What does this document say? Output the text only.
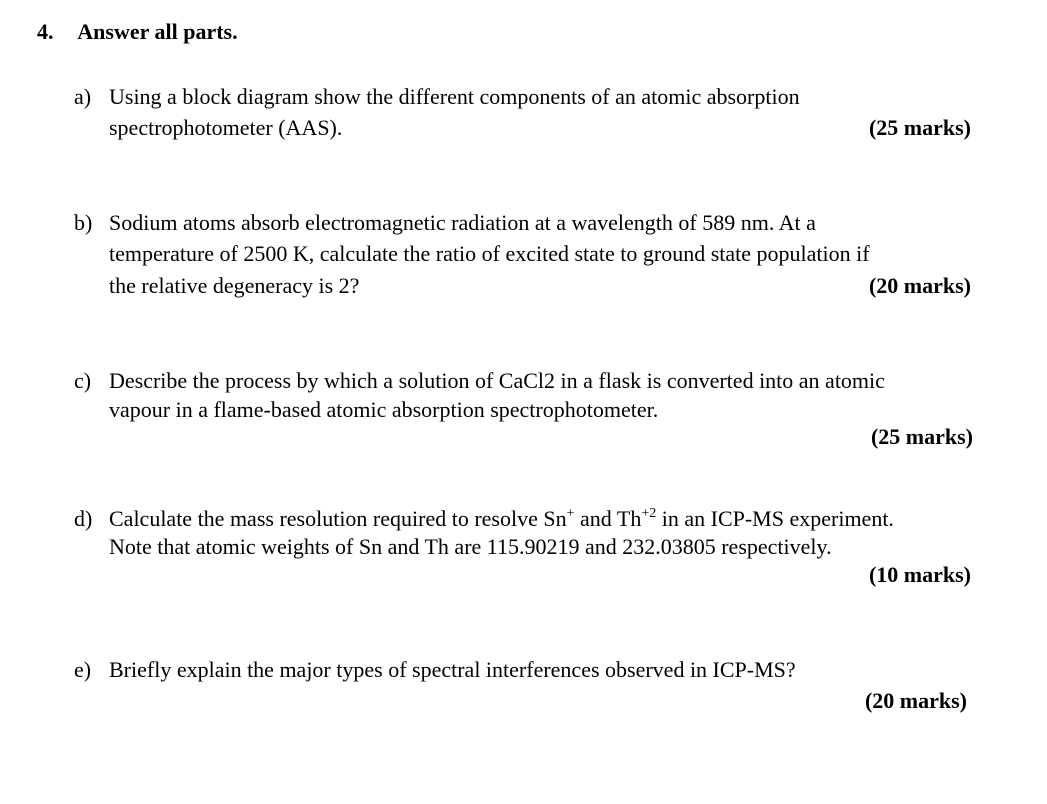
4. Answer all parts.
a) Using a block diagram show the different components of an atomic absorption
spectrophotometer (AAS).	(25 marks)
b) Sodium atoms absorb electromagnetic radiation at a wavelength of 589 nm. At a
temperature of 2500 K, calculate the ratio of excited state to ground state population if
the relative degeneracy is 2?	(20 marks)
c) Describe the process by which a solution of CaCl2 in a flask is converted into an atomic
vapour in a flame-based atomic absorption spectrophotometer.
(25 marks)
d) Calculate the mass resolution required to resolve Sn+ and $Th^{+2}$ in an ICP-MS experiment.
Note that atomic weights of Sn and Th are 115.90219 and 232.03805 respectively.
(10 marks)
e) Briefly explain the major types of spectral interferences observed in ICP-MS?
(20 marks)
